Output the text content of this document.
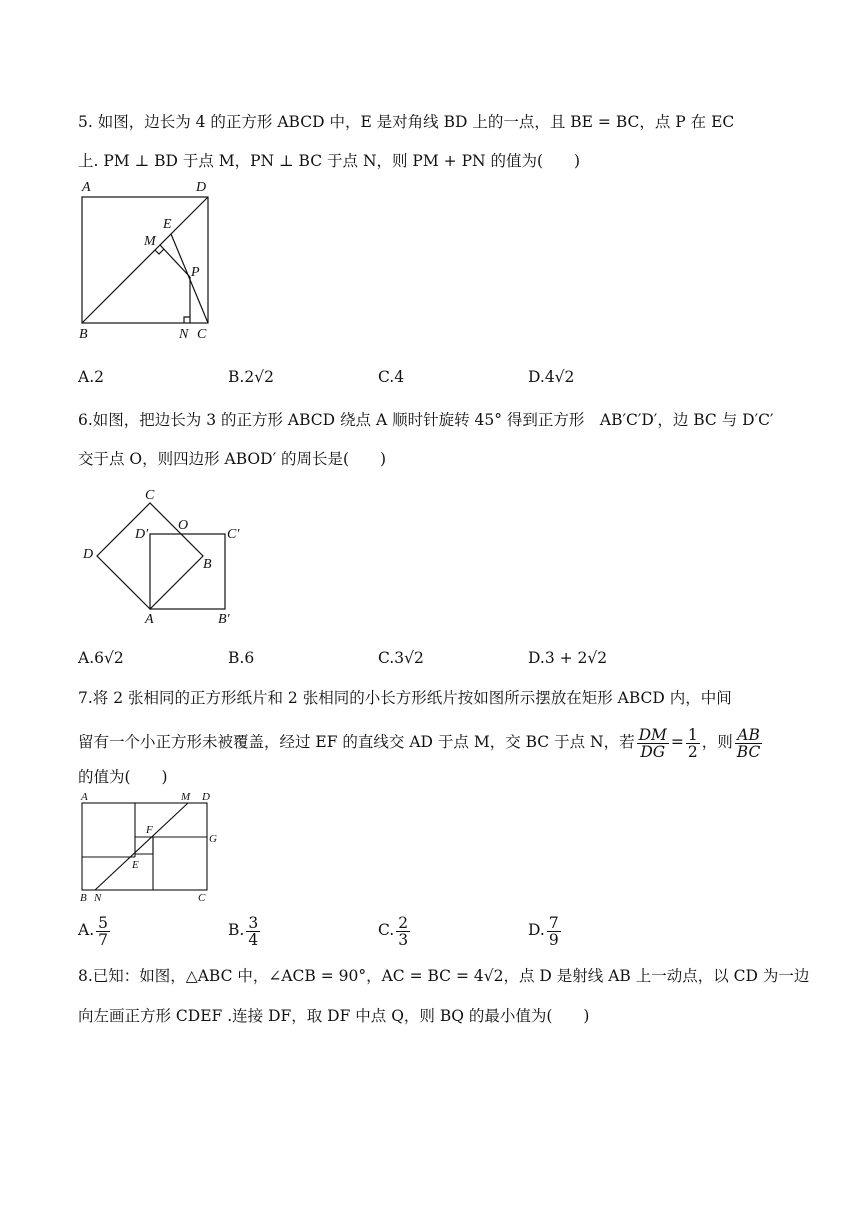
5. 如图，边长为 4 的正方形 ABCD 中，E 是对角线 BD 上的一点，且 BE = BC，点 P 在 EC
上. PM ⊥ BD 于点 M，PN ⊥ BC 于点 N，则 PM + PN 的值为(　　)
A	D
E
M
P
B	N C
A.2	B.2√2	C.4	D.4√2
6.如图，把边长为 3 的正方形 ABCD 绕点 A 顺时针旋转 45° 得到正方形　AB′C′D′，边 BC 与 D′C′
交于点 O，则四边形 ABOD′ 的周长是(　　)
C
D′
O
C′
D
B
A	B′
A.6√2	B.6	C.3√2	D.3 + 2√2
7.将 2 张相同的正方形纸片和 2 张相同的小长方形纸片按如图所示摆放在矩形 ABCD 内，中间
留有一个小正方形未被覆盖，经过 EF 的直线交 AD 于点 M，交 BC 于点 N，若 $\frac{DM}{DG} = \frac{1}{2}$ ，则 $\frac{AB}{BC}$
的值为(　　)
A	M D
F
G
E
B N	C
A. $\frac{5}{7}$	B. $\frac{3}{4}$	C. $\frac{2}{3}$	D. $\frac{7}{9}$
8.已知：如图，△ABC 中，∠ACB = 90°，AC = BC = 4√2，点 D 是射线 AB 上一动点，以 CD 为一边
向左画正方形 CDEF .连接 DF，取 DF 中点 Q，则 BQ 的最小值为(　　)
